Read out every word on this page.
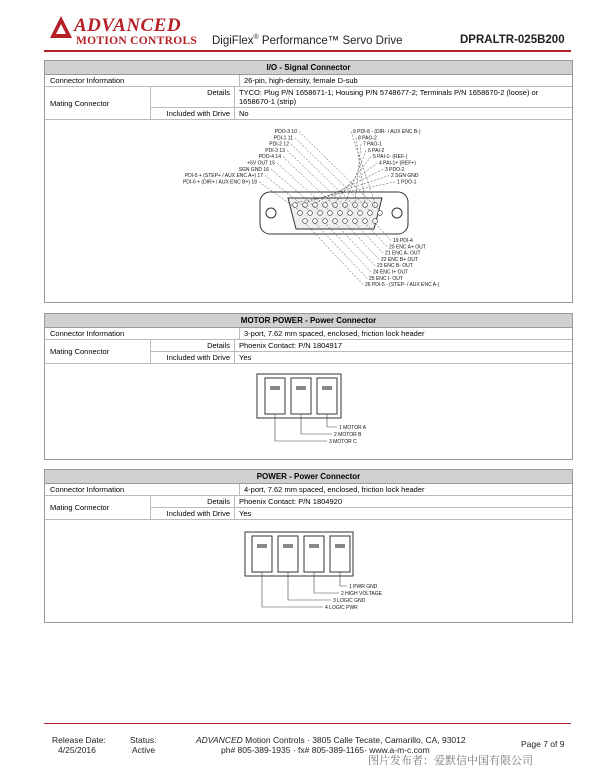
ADVANCED
MOTION CONTROLS DigiFlex® Performance™ Servo Drive	DPRALTR-025B200
I/O - Signal Connector
Connector Information	26-pin, high-density, female D-sub
Mating Connector
Details	TYCO: Plug P/N 1658671-1; Housing P/N 5748677-2; Terminals P/N 1658670-2 (loose) or 1658670-1 (strip)
Included with Drive	No
PDO-3 10
PDI-1 11
PDI-2 12
PDI-3 13
PDO-4 14
+5V OUT 15
SGN GND 16
PDI-5 + (STEP+ / AUX ENC A+) 17
PDI-6 + (DIR+ / AUX ENC B+) 18
9 PDI-8 - (DIR- / AUX ENC B-)
8 PAO-2
7 PAO-1
6 PAI-2
5 PAI-1- (REF-)
4 PAI-1+ (REF+)
3 PDO-2
2 SGN GND
1 PDO-1
19 PDI-4
20 ENC A+ OUT
21 ENC A- OUT
22 ENC B+ OUT
23 ENC B- OUT
24 ENC I+ OUT
25 ENC I- OUT
26 PDI-5 - (STEP- / AUX ENC A-)
MOTOR POWER - Power Connector
Connector Information	3-port, 7.62 mm spaced, enclosed, friction lock header
Mating Connector
Details	Phoenix Contact: P/N 1804917
Included with Drive	Yes
1 MOTOR A
2 MOTOR B
3 MOTOR C
POWER - Power Connector
Connector Information	4-port, 7.62 mm spaced, enclosed, friction lock header
Mating Connector
Details	Phoenix Contact: P/N 1804920
Included with Drive	Yes
1 PWR GND
2 HIGH VOLTAGE
3 LOGIC GND
4 LOGIC PWR
Release Date:
4/25/2016
Status:
Active
ADVANCED Motion Controls · 3805 Calle Tecate, Camarillo, CA, 93012
ph# 805-389-1935 · fx# 805-389-1165· www.a-m-c.com
Page 7 of 9
图片发布者：爱默信中国有限公司
